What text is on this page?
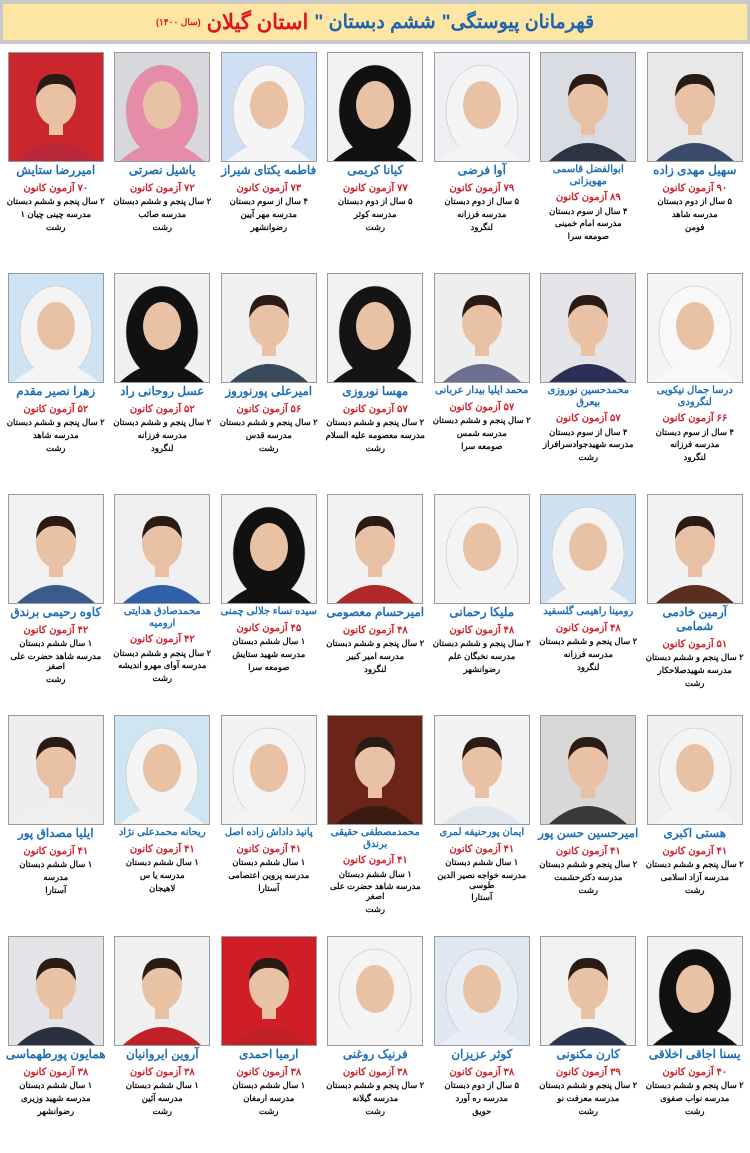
قهرمانان پیوستگی"
ششم دبستان "
استان گیلان
(سال ۱۴۰۰)
سهیل مهدی زاده
۹۰ آزمون کانون
۵ سال از دوم دبستان
مدرسه شاهد
فومن
ابوالفضل قاسمی مهویزانی
۸۹ آزمون کانون
۴ سال از سوم دبستان
مدرسه امام خمینی
صومعه سرا
آوا فرضی
۷۹ آزمون کانون
۵ سال از دوم دبستان
مدرسه فرزانه
لنگرود
کیانا کریمی
۷۷ آزمون کانون
۵ سال از دوم دبستان
مدرسه کوثر
رشت
فاطمه یکتای شیراز
۷۳ آزمون کانون
۴ سال از سوم دبستان
مدرسه مهر آیین
رضوانشهر
یاشیل نصرتی
۷۲ آزمون کانون
۲ سال پنجم و ششم دبستان
مدرسه صائب
رشت
امیررضا ستایش
۷۰ آزمون کانون
۲ سال پنجم و ششم دبستان
مدرسه چینی چیان ۱
رشت
درسا جمال نیکویی لنگرودی
۶۶ آزمون کانون
۴ سال از سوم دبستان
مدرسه فرزانه
لنگرود
محمدحسین نوروزی بیعرق
۵۷ آزمون کانون
۴ سال از سوم دبستان
مدرسه شهیدجوادسرافراز
رشت
محمد ایلیا بیدار عربانی
۵۷ آزمون کانون
۲ سال پنجم و ششم دبستان
مدرسه شمس
صومعه سرا
مهسا نوروزی
۵۷ آزمون کانون
۲ سال پنجم و ششم دبستان
مدرسه معصومه علیه السلام
رشت
امیرعلی پورنوروز
۵۶ آزمون کانون
۲ سال پنجم و ششم دبستان
مدرسه قدس
رشت
عسل روحانی راد
۵۲ آزمون کانون
۲ سال پنجم و ششم دبستان
مدرسه فرزانه
لنگرود
زهرا نصیر مقدم
۵۲ آزمون کانون
۲ سال پنجم و ششم دبستان
مدرسه شاهد
رشت
آرمین خادمی شمامی
۵۱ آزمون کانون
۲ سال پنجم و ششم دبستان
مدرسه شهیدصلاحکار
رشت
رومینا راهیمی گلسفید
۴۸ آزمون کانون
۲ سال پنجم و ششم دبستان
مدرسه فرزانه
لنگرود
ملیکا رحمانی
۴۸ آزمون کانون
۲ سال پنجم و ششم دبستان
مدرسه نخبگان علم
رضوانشهر
امیرحسام معصومی
۴۸ آزمون کانون
۲ سال پنجم و ششم دبستان
مدرسه امیر کبیر
لنگرود
سیده نساء جلالی چمنی
۴۵ آزمون کانون
۱ سال ششم دبستان
مدرسه شهید ستایش
صومعه سرا
محمدصادق هدایتی ارومیه
۴۲ آزمون کانون
۲ سال پنجم و ششم دبستان
مدرسه آوای مهرو اندیشه
رشت
کاوه رحیمی برندق
۴۲ آزمون کانون
۱ سال ششم دبستان
مدرسه شاهد حضرت علی اصغر
رشت
هستی اکبری
۴۱ آزمون کانون
۲ سال پنجم و ششم دبستان
مدرسه آزاد اسلامی
رشت
امیرحسین حسن پور
۴۱ آزمون کانون
۲ سال پنجم و ششم دبستان
مدرسه دکترحشمت
رشت
ایمان پورحنیفه لمری
۴۱ آزمون کانون
۱ سال ششم دبستان
مدرسه خواجه نصیر الدین طوسی
آستارا
محمدمصطفی حقیقی برندق
۴۱ آزمون کانون
۱ سال ششم دبستان
مدرسه شاهد حضرت علی اصغر
رشت
پانیذ داداش زاده اصل
۴۱ آزمون کانون
۱ سال ششم دبستان
مدرسه پروین اعتصامی
آستارا
ریحانه محمدعلی نژاد
۴۱ آزمون کانون
۱ سال ششم دبستان
مدرسه یا س
لاهیجان
ایلیا مصداق پور
۴۱ آزمون کانون
۱ سال ششم دبستان
مدرسه
آستارا
یسنا اجاقی اخلاقی
۴۰ آزمون کانون
۲ سال پنجم و ششم دبستان
مدرسه نواب صفوی
رشت
کارن مکنونی
۳۹ آزمون کانون
۲ سال پنجم و ششم دبستان
مدرسه معرفت نو
رشت
کوثر عزیزان
۳۸ آزمون کانون
۵ سال از دوم دبستان
مدرسه ره آورد
حویق
فرنیک روغنی
۳۸ آزمون کانون
۲ سال پنجم و ششم دبستان
مدرسه گیلانه
رشت
ارمیا احمدی
۳۸ آزمون کانون
۱ سال ششم دبستان
مدرسه ارمغان
رشت
آروین ایروانیان
۳۸ آزمون کانون
۱ سال ششم دبستان
مدرسه آئین
رشت
همایون پورطهماسی
۳۸ آزمون کانون
۱ سال ششم دبستان
مدرسه شهید وزیری
رضوانشهر
